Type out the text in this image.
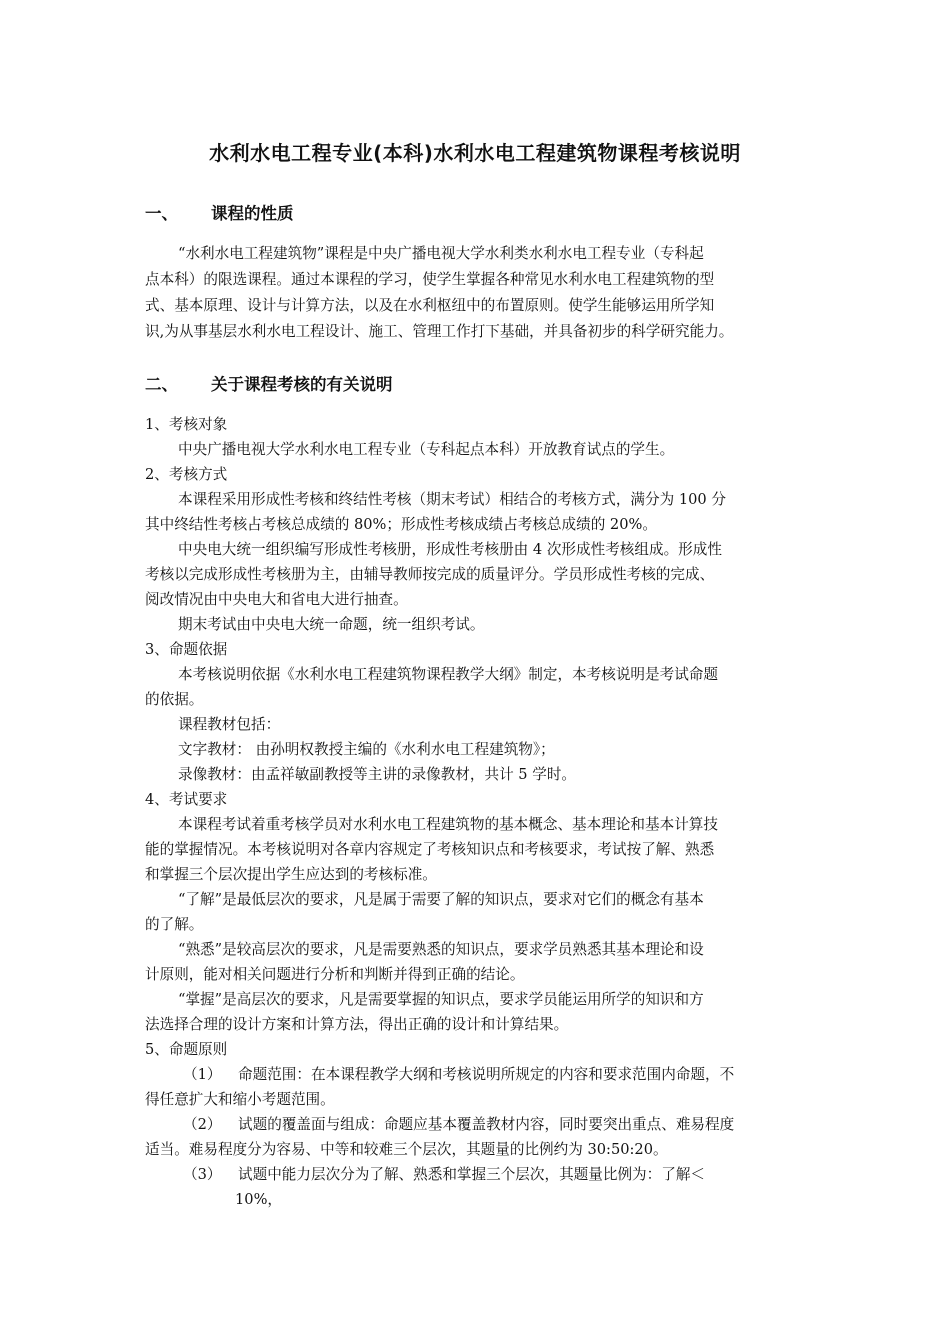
水利水电工程专业(本科)水利水电工程建筑物课程考核说明
一、 课程的性质
“水利水电工程建筑物”课程是中央广播电视大学水利类水利水电工程专业（专科起
点本科）的限选课程。通过本课程的学习，使学生掌握各种常见水利水电工程建筑物的型
式、基本原理、设计与计算方法，以及在水利枢纽中的布置原则。使学生能够运用所学知
识,为从事基层水利水电工程设计、施工、管理工作打下基础，并具备初步的科学研究能力。
二、 关于课程考核的有关说明
1、考核对象
中央广播电视大学水利水电工程专业（专科起点本科）开放教育试点的学生。
2、考核方式
本课程采用形成性考核和终结性考核（期末考试）相结合的考核方式，满分为 100 分
其中终结性考核占考核总成绩的 80%；形成性考核成绩占考核总成绩的 20%。
中央电大统一组织编写形成性考核册，形成性考核册由 4 次形成性考核组成。形成性
考核以完成形成性考核册为主，由辅导教师按完成的质量评分。学员形成性考核的完成、
阅改情况由中央电大和省电大进行抽查。
期末考试由中央电大统一命题，统一组织考试。
3、命题依据
本考核说明依据《水利水电工程建筑物课程教学大纲》制定，本考核说明是考试命题
的依据。
课程教材包括：
文字教材： 由孙明权教授主编的《水利水电工程建筑物》；
录像教材：由孟祥敏副教授等主讲的录像教材，共计 5 学时。
4、考试要求
本课程考试着重考核学员对水利水电工程建筑物的基本概念、基本理论和基本计算技
能的掌握情况。本考核说明对各章内容规定了考核知识点和考核要求，考试按了解、熟悉
和掌握三个层次提出学生应达到的考核标准。
“了解”是最低层次的要求，凡是属于需要了解的知识点，要求对它们的概念有基本
的了解。
“熟悉”是较高层次的要求，凡是需要熟悉的知识点，要求学员熟悉其基本理论和设
计原则，能对相关问题进行分析和判断并得到正确的结论。
“掌握”是高层次的要求，凡是需要掌握的知识点，要求学员能运用所学的知识和方
法选择合理的设计方案和计算方法，得出正确的设计和计算结果。
5、命题原则
（1） 命题范围：在本课程教学大纲和考核说明所规定的内容和要求范围内命题，不
得任意扩大和缩小考题范围。
（2） 试题的覆盖面与组成：命题应基本覆盖教材内容，同时要突出重点、难易程度
适当。难易程度分为容易、中等和较难三个层次，其题量的比例约为 30:50:20。
（3） 试题中能力层次分为了解、熟悉和掌握三个层次，其题量比例为：了解＜
10%，
